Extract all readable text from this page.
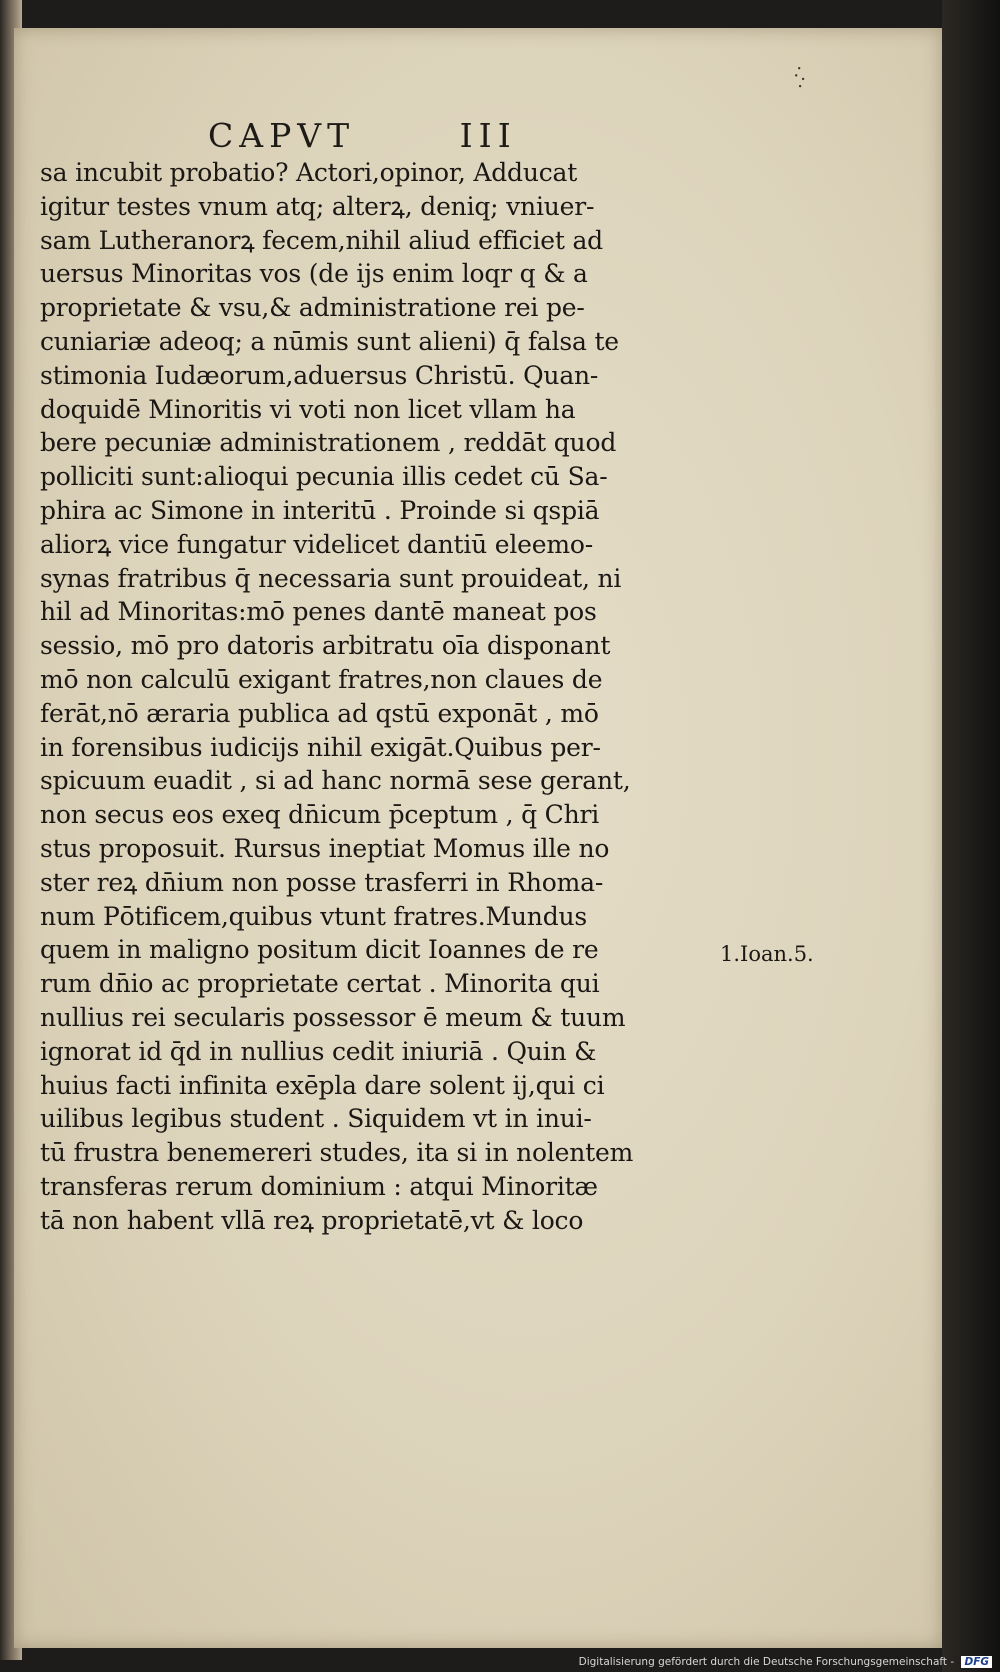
CAPVT	III
·.·.
sa incubit probatio? Actori,opinor, Adducat
igitur testes vnum atq; alterꝝ, deniq; vniuer-
sam Lutheranorꝝ fecem,nihil aliud efficiet ad
uersus Minoritas vos (de ijs enim loqr q & a
proprietate & vsu,& administratione rei pe-
cuniariæ adeoq; a nūmis sunt alieni) q̄ falsa te
stimonia Iudæorum,aduersus Christū. Quan-
doquidē Minoritis vi voti non licet vllam ha
bere pecuniæ administrationem , reddāt quod
polliciti sunt:alioqui pecunia illis cedet cū Sa-
phira ac Simone in interitū . Proinde si qspiā
aliorꝝ vice fungatur videlicet dantiū eleemo-
synas fratribus q̄ necessaria sunt prouideat, ni
hil ad Minoritas:mō penes dantē maneat pos
sessio, mō pro datoris arbitratu oīa disponant
mō non calculū exigant fratres,non claues de
ferāt,nō æraria publica ad qstū exponāt , mō
in forensibus iudicijs nihil exigāt.Quibus per-
spicuum euadit , si ad hanc normā sese gerant,
non secus eos exeq dn̄icum p̄ceptum , q̄ Chri
stus proposuit. Rursus ineptiat Momus ille no
ster reꝝ dn̄ium non posse trasferri in Rhoma-
num Pōtificem,quibus vtunt fratres.Mundus
quem in maligno positum dicit Ioannes de re
rum dn̄io ac proprietate certat . Minorita qui
nullius rei secularis possessor ē meum & tuum
ignorat id q̄d in nullius cedit iniuriā . Quin &
huius facti infinita exēpla dare solent ij,qui ci
uilibus legibus student . Siquidem vt in inui-
tū frustra benemereri studes, ita si in nolentem
transferas rerum dominium : atqui Minoritæ
tā non habent vllā reꝝ proprietatē,vt & loco
1.Ioan.5.
Digitalisierung gefördert durch die Deutsche Forschungsgemeinschaft - DFG
